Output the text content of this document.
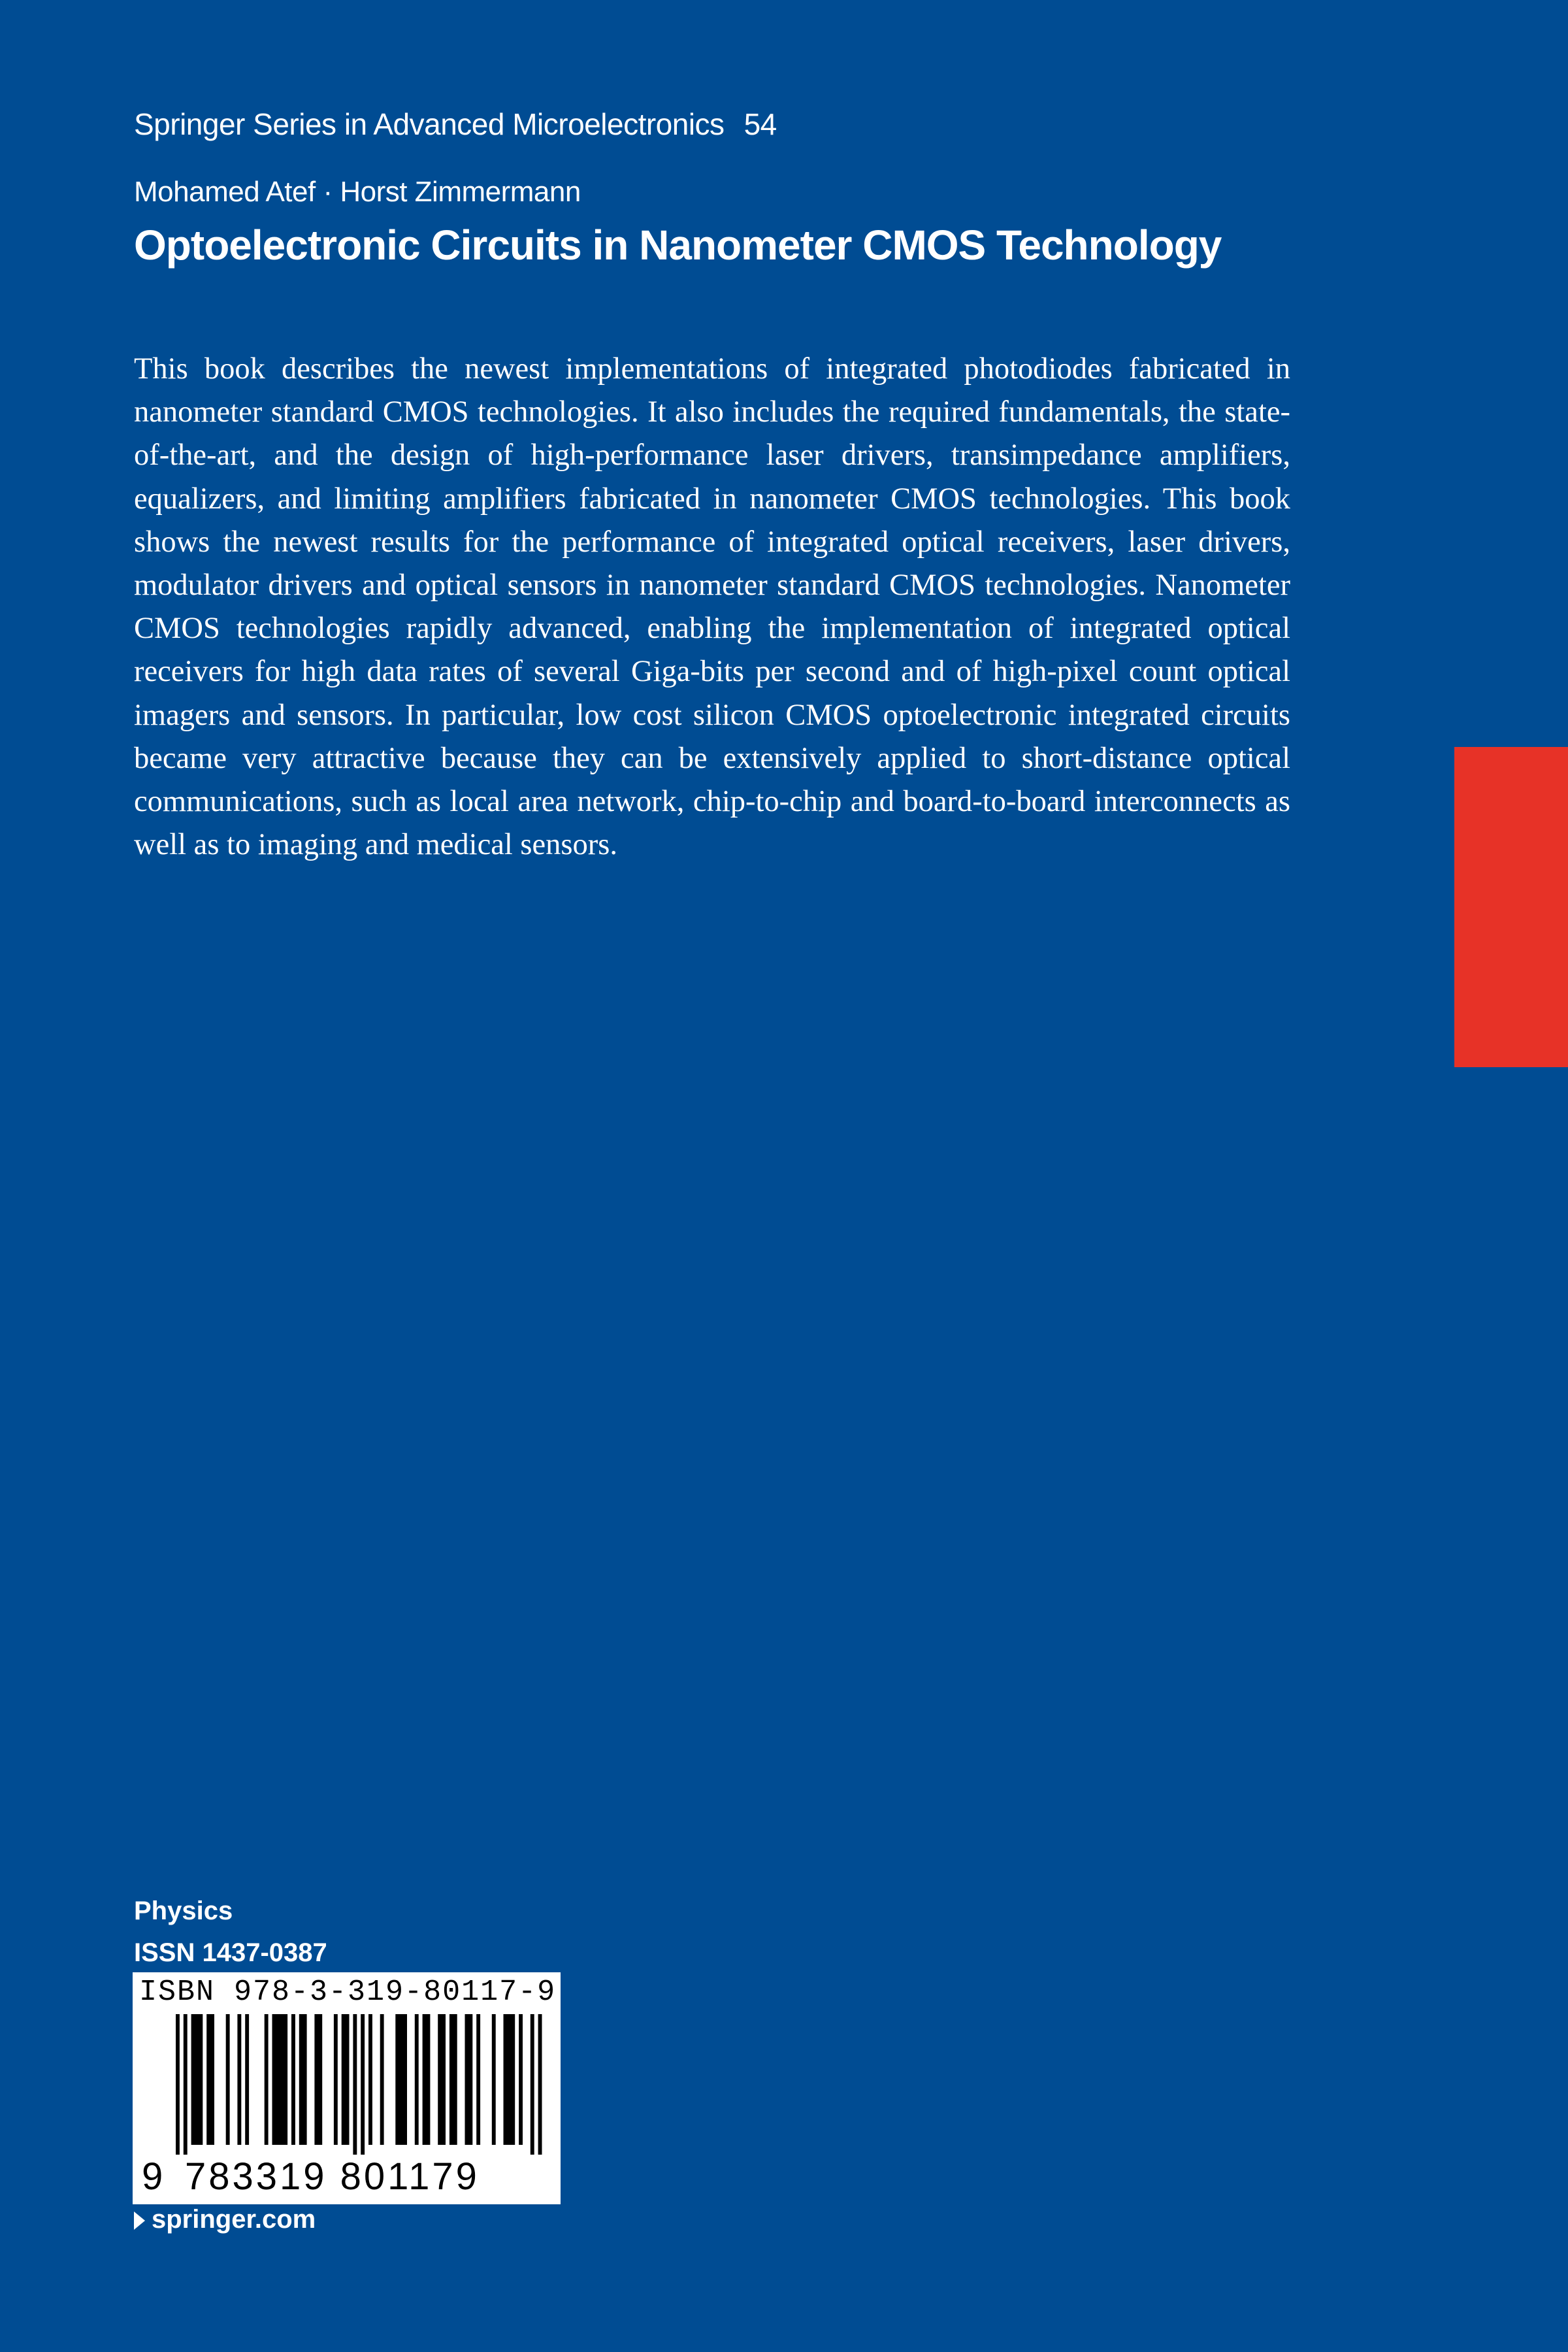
Springer Series in Advanced Microelectronics 54
Mohamed Atef · Horst Zimmermann
Optoelectronic Circuits in Nanometer CMOS Technology

This book describes the newest implementations of integrated photodiodes fabricated in nanometer standard CMOS technologies. It also includes the required fundamentals, the state-of-the-art, and the design of high-performance laser drivers, transimpedance amplifiers, equalizers, and limiting amplifiers fabricated in nanometer CMOS technologies. This book shows the newest results for the performance of integrated optical receivers, laser drivers, modulator drivers and optical sensors in nanometer standard CMOS technologies. Nanometer CMOS technologies rapidly advanced, enabling the implementation of integrated optical receivers for high data rates of several Giga-bits per second and of high-pixel count optical imagers and sensors. In particular, low cost silicon CMOS optoelectronic integrated circuits became very attractive because they can be extensively applied to short-distance optical communications, such as local area network, chip-to-chip and board-to-board interconnects as well as to imaging and medical sensors.

Physics
ISSN 1437-0387
ISBN 978-3-319-80117-9
9 783319 801179
springer.com
